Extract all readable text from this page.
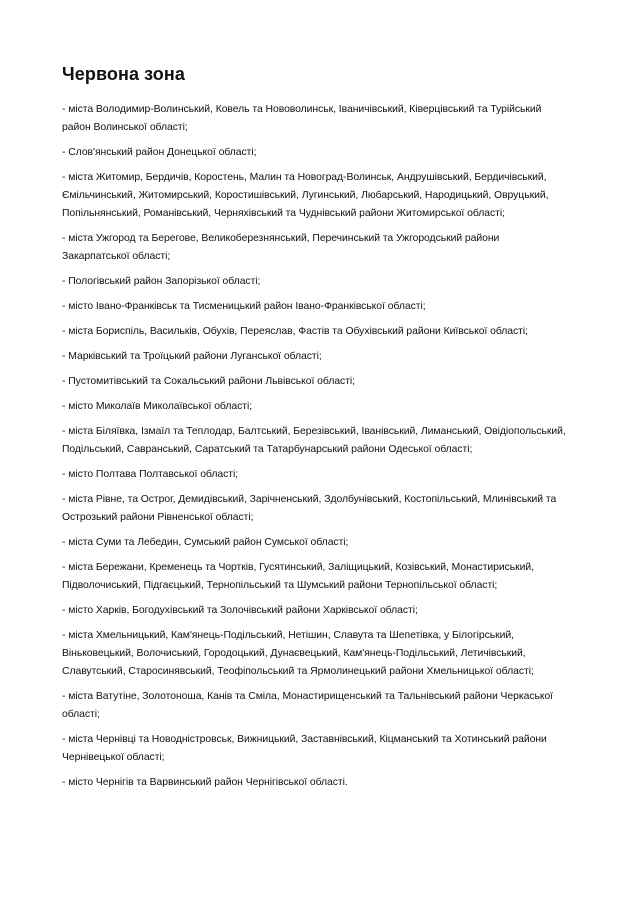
Червона зона
- міста Володимир-Волинський, Ковель та Нововолинськ, Іваничівський, Ківерцівський та Турійський
район Волинської області;
- Слов'янський район Донецької області;
- міста Житомир, Бердичів, Коростень, Малин та Новоград-Волинськ, Андрушівський, Бердичівський,
Ємільчинський, Житомирський, Коростишівський, Лугинський, Любарський, Народицький, Овруцький,
Попільнянський, Романівський, Черняхівський та Чуднівський райони Житомирської області;
- міста Ужгород та Берегове, Великоберезнянський, Перечинський та Ужгородський райони
Закарпатської області;
- Пологівський район Запорізької області;
- місто Івано-Франківськ та Тисменицький район Івано-Франківської області;
- міста Бориспіль, Васильків, Обухів, Переяслав, Фастів та Обухівський райони Київської області;
- Марківський та Троїцький райони Луганської області;
- Пустомитівський та Сокальський райони Львівської області;
- місто Миколаїв Миколаївської області;
- міста Біляївка, Ізмаїл та Теплодар, Балтський, Березівський, Іванівський, Лиманський, Овідіопольський,
Подільський, Савранський, Саратський та Татарбунарський райони Одеської області;
- місто Полтава Полтавської області;
- міста Рівне, та Острог, Демидівський, Зарічненський, Здолбунівський, Костопільський, Млинівський та
Острозький райони Рівненської області;
- міста Суми та Лебедин, Сумський район Сумської області;
- міста Бережани, Кременець та Чортків, Гусятинський, Заліщицький, Козівський, Монастириський,
Підволочиський, Підгаєцький, Тернопільський та Шумський райони Тернопільської області;
- місто Харків, Богодухівський та Золочівський райони Харківської області;
- міста Хмельницький, Кам'янець-Подільський, Нетішин, Славута та Шепетівка, у Білогірський,
Віньковецький, Волочиський, Городоцький, Дунаєвецький, Кам'янець-Подільський, Летичівський,
Славутський, Старосинявський, Теофіпольський та Ярмолинецький райони Хмельницької області;
- міста Ватутіне, Золотоноша, Канів та Сміла, Монастирищенський та Тальнівський райони Черкаської
області;
- міста Чернівці та Новодністровськ, Вижницький, Заставнівський, Кіцманський та Хотинський райони
Чернівецької області;
- місто Чернігів та Варвинський район Чернігівської області.
